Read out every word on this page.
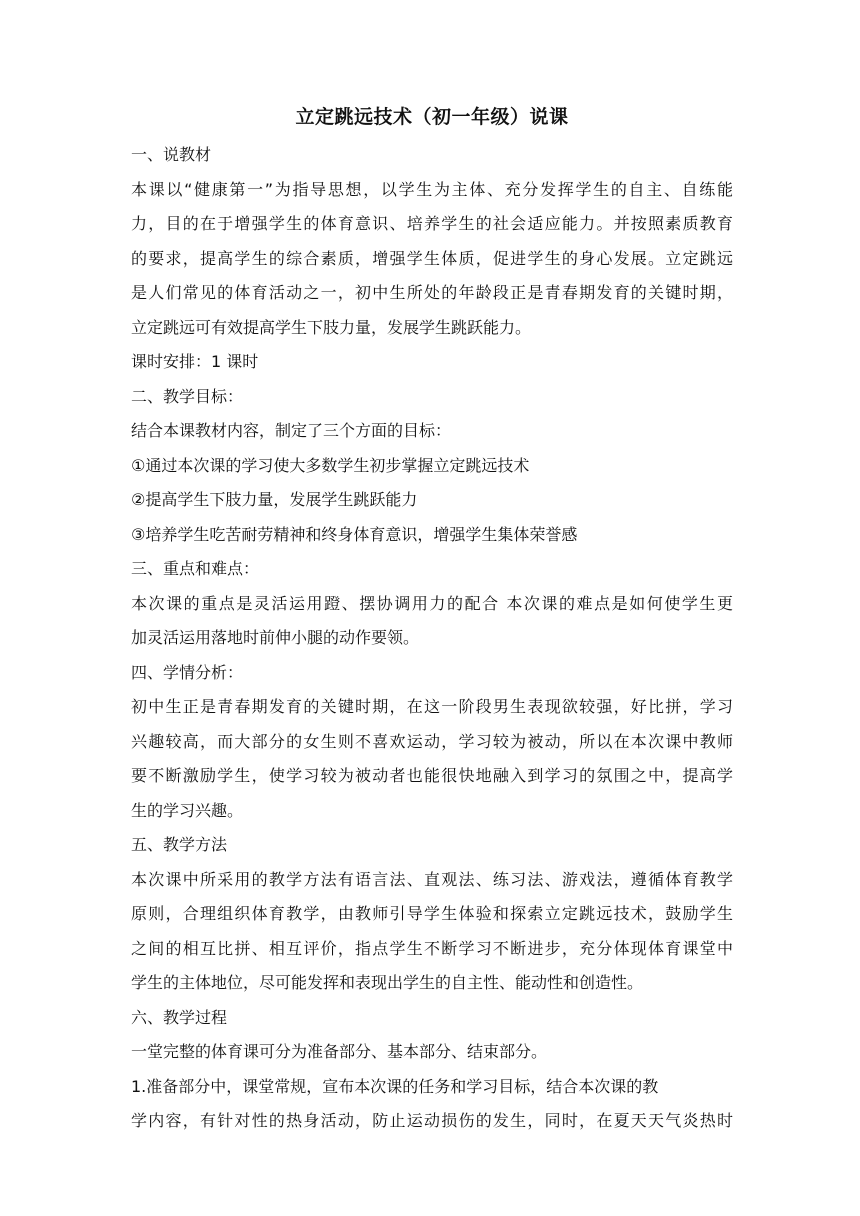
立定跳远技术（初一年级）说课

一、说教材

本课以“健康第一”为指导思想，以学生为主体、充分发挥学生的自主、自练能
力，目的在于增强学生的体育意识、培养学生的社会适应能力。并按照素质教育
的要求，提高学生的综合素质，增强学生体质，促进学生的身心发展。立定跳远
是人们常见的体育活动之一，初中生所处的年龄段正是青春期发育的关键时期，
立定跳远可有效提高学生下肢力量，发展学生跳跃能力。

课时安排：1 课时

二、教学目标：

结合本课教材内容，制定了三个方面的目标：

①通过本次课的学习使大多数学生初步掌握立定跳远技术

②提高学生下肢力量，发展学生跳跃能力

③培养学生吃苦耐劳精神和终身体育意识，增强学生集体荣誉感

三、重点和难点：

本次课的重点是灵活运用蹬、摆协调用力的配合 本次课的难点是如何使学生更
加灵活运用落地时前伸小腿的动作要领。

四、学情分析：

初中生正是青春期发育的关键时期，在这一阶段男生表现欲较强，好比拼，学习
兴趣较高，而大部分的女生则不喜欢运动，学习较为被动，所以在本次课中教师
要不断激励学生，使学习较为被动者也能很快地融入到学习的氛围之中，提高学
生的学习兴趣。

五、教学方法

本次课中所采用的教学方法有语言法、直观法、练习法、游戏法，遵循体育教学
原则，合理组织体育教学，由教师引导学生体验和探索立定跳远技术，鼓励学生
之间的相互比拼、相互评价，指点学生不断学习不断进步，充分体现体育课堂中
学生的主体地位，尽可能发挥和表现出学生的自主性、能动性和创造性。

六、教学过程

一堂完整的体育课可分为准备部分、基本部分、结束部分。

1.准备部分中，课堂常规，宣布本次课的任务和学习目标，结合本次课的教

学内容，有针对性的热身活动，防止运动损伤的发生，同时，在夏天天气炎热时
